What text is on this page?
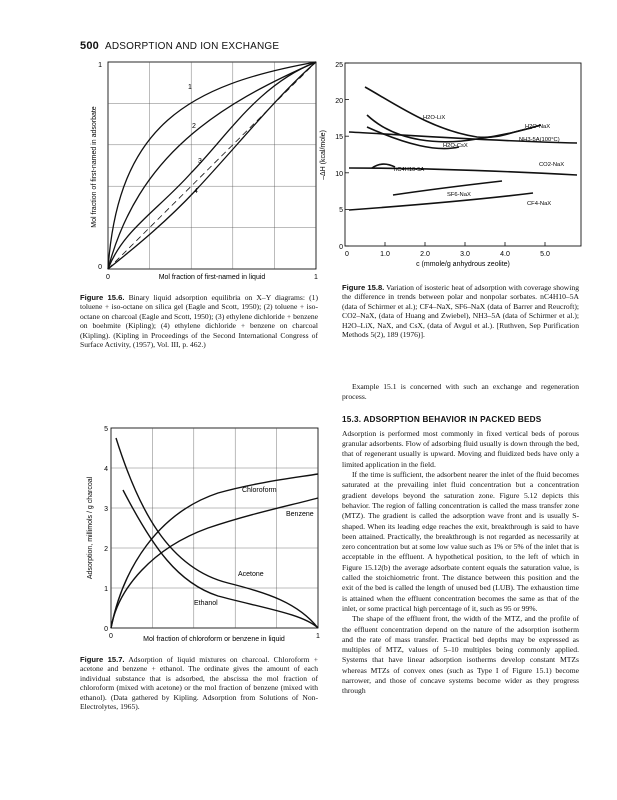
500 ADSORPTION AND ION EXCHANGE
1
2
3
4
1
0
0	1
Mol fraction of first-named in liquid
Mol fraction of first-named in adsorbate
Figure 15.6. Binary liquid adsorption equilibria on X–Y diagrams: (1) toluene + iso-octane on silica gel (Eagle and Scott, 1950); (2) toluene + iso-octane on charcoal (Eagle and Scott, 1950); (3) ethylene dichloride + benzene on boehmite (Kipling); (4) ethylene dichloride + benzene on charcoal (Kipling). (Kipling in Proceedings of the Second International Congress of Surface Activity, (1957), Vol. III, p. 462.)
0
5
10
15
20
25
0	1.0	2.0	3.0	4.0	5.0
c (mmole/g anhydrous zeolite)
–ΔH (kcal/mole)
H2O-LiX
H2O-NaX
NH3-5A(100°C)
H2O-CsX
CO2-NaX
nC4H10-5A
SF6-NaX
CF4-NaX
Figure 15.8. Variation of isosteric heat of adsorption with coverage showing the difference in trends between polar and nonpolar sorbates. nC4H10–5A (data of Schirmer et al.); CF4–NaX, SF6–NaX (data of Barrer and Reucroft); CO2–NaX, (data of Huang and Zwiebel), NH3–5A (data of Schirmer et al.); H2O–LiX, NaX, and CsX, (data of Avgul et al.). [Ruthven, Sep Purification Methods 5(2), 189 (1976)].
0
1
2
3
4
5
0	1
Mol fraction of chloroform or benzene in liquid
Adsorption, millimols / g charcoal	Chloroform
Benzene
Acetone
Ethanol
Figure 15.7. Adsorption of liquid mixtures on charcoal. Chloroform + acetone and benzene + ethanol. The ordinate gives the amount of each individual substance that is adsorbed, the abscissa the mol fraction of chloroform (mixed with acetone) or the mol fraction of benzene (mixed with ethanol). (Data gathered by Kipling. Adsorption from Solutions of Non-Electrolytes, 1965).

Example 15.1 is concerned with such an exchange and regeneration process.

15.3. ADSORPTION BEHAVIOR IN PACKED BEDS

Adsorption is performed most commonly in fixed vertical beds of porous granular adsorbents. Flow of adsorbing fluid usually is down through the bed, that of regenerant usually is upward. Moving and fluidized beds have only a limited application in the field.

If the time is sufficient, the adsorbent nearer the inlet of the fluid becomes saturated at the prevailing inlet fluid concentration but a concentration gradient develops beyond the saturation zone. Figure 5.12 depicts this behavior. The region of falling concentration is called the mass transfer zone (MTZ). The gradient is called the adsorption wave front and is usually S-shaped. When its leading edge reaches the exit, breakthrough is said to have been attained. Practically, the breakthrough is not regarded as necessarily at zero concentration but at some low value such as 1% or 5% of the inlet that is acceptable in the effluent. A hypothetical position, to the left of which in Figure 15.12(b) the average adsorbate content equals the saturation value, is called the stoichiometric front. The distance between this position and the exit of the bed is called the length of unused bed (LUB). The exhaustion time is attained when the effluent concentration becomes the same as that of the inlet, or some practical high percentage of it, such as 95 or 99%.

The shape of the effluent front, the width of the MTZ, and the profile of the effluent concentration depend on the nature of the adsorption isotherm and the rate of mass transfer. Practical bed depths may be expressed as multiples of MTZ, values of 5–10 multiples being commonly applied. Systems that have linear adsorption isotherms develop constant MTZs whereas MTZs of convex ones (such as Type I of Figure 15.1) become narrower, and those of concave systems become wider as they progress through
